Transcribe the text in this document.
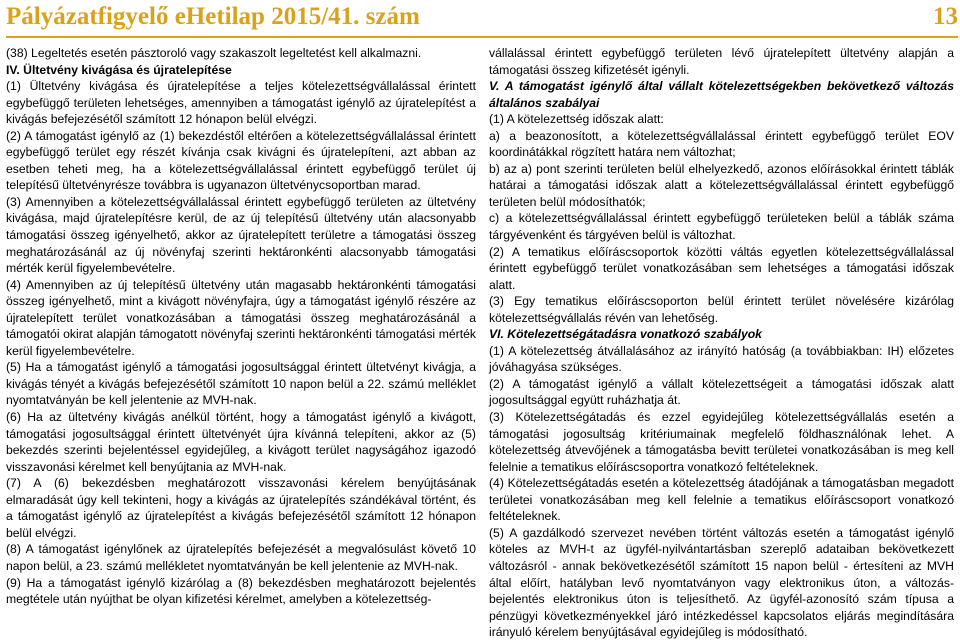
Pályázatfigyelő eHetilap 2015/41. szám	13

(38) Legeltetés esetén pásztoroló vagy szakaszolt legeltetést kell alkalmazni.

IV. Ültetvény kivágása és újratelepítése

(1) Ültetvény kivágása és újratelepítése a teljes kötelezettségvállalással érintett egybefüggő területen lehetséges, amennyiben a támogatást igénylő az újratelepítést a kivágás befejezésétől számított 12 hónapon belül elvégzi.

(2) A támogatást igénylő az (1) bekezdéstől eltérően a kötelezettségvállalással érintett egybefüggő terület egy részét kívánja csak kivágni és újratelepíteni, azt abban az esetben teheti meg, ha a kötelezettségvállalással érintett egybefüggő terület új telepítésű ültetvényrésze továbbra is ugyanazon ültetvénycsoportban marad.

(3) Amennyiben a kötelezettségvállalással érintett egybefüggő területen az ültetvény kivágása, majd újratelepítésre kerül, de az új telepítésű ültetvény után alacsonyabb támogatási összeg igényelhető, akkor az újratelepített területre a támogatási összeg meghatározásánál az új növényfaj szerinti hektáronkénti alacsonyabb támogatási mérték kerül figyelembevételre.

(4) Amennyiben az új telepítésű ültetvény után magasabb hektáronkénti támogatási összeg igényelhető, mint a kivágott növényfajra, úgy a támogatást igénylő részére az újratelepített terület vonatkozásában a támogatási összeg meghatározásánál a támogatói okirat alapján támogatott növényfaj szerinti hektáronkénti támogatási mérték kerül figyelembevételre.

(5) Ha a támogatást igénylő a támogatási jogosultsággal érintett ültetvényt kivágja, a kivágás tényét a kivágás befejezésétől számított 10 napon belül a 22. számú melléklet nyomtatványán be kell jelentenie az MVH-nak.

(6) Ha az ültetvény kivágás anélkül történt, hogy a támogatást igénylő a kivágott, támogatási jogosultsággal érintett ültetvényét újra kívánná telepíteni, akkor az (5) bekezdés szerinti bejelentéssel egyidejűleg, a kivágott terület nagyságához igazodó visszavonási kérelmet kell benyújtania az MVH-nak.

(7) A (6) bekezdésben meghatározott visszavonási kérelem benyújtásának elmaradását úgy kell tekinteni, hogy a kivágás az újratelepítés szándékával történt, és a támogatást igénylő az újratelepítést a kivágás befejezésétől számított 12 hónapon belül elvégzi.

(8) A támogatást igénylőnek az újratelepítés befejezését a megvalósulást követő 10 napon belül, a 23. számú mellékletet nyomtatványán be kell jelentenie az MVH-nak.

(9) Ha a támogatást igénylő kizárólag a (8) bekezdésben meghatározott bejelentés megtétele után nyújthat be olyan kifizetési kérelmet, amelyben a kötelezettség-

vállalással érintett egybefüggő területen lévő újratelepített ültetvény alapján a támogatási összeg kifizetését igényli.

V. A támogatást igénylő által vállalt kötelezettségekben bekövetkező változás általános szabályai

(1) A kötelezettség időszak alatt:

a) a beazonosított, a kötelezettségvállalással érintett egybefüggő terület EOV koordinátákkal rögzített határa nem változhat;

b) az a) pont szerinti területen belül elhelyezkedő, azonos előírásokkal érintett táblák határai a támogatási időszak alatt a kötelezettségvállalással érintett egybefüggő területen belül módosíthatók;

c) a kötelezettségvállalással érintett egybefüggő területeken belül a táblák száma tárgyévenként és tárgyéven belül is változhat.

(2) A tematikus előíráscsoportok közötti váltás egyetlen kötelezettségvállalással érintett egybefüggő terület vonatkozásában sem lehetséges a támogatási időszak alatt.

(3) Egy tematikus előíráscsoporton belül érintett terület növelésére kizárólag kötelezettségvállalás révén van lehetőség.

VI. Kötelezettségátadásra vonatkozó szabályok

(1) A kötelezettség átvállalásához az irányító hatóság (a továbbiakban: IH) előzetes jóváhagyása szükséges.

(2) A támogatást igénylő a vállalt kötelezettségeit a támogatási időszak alatt jogosultsággal együtt ruházhatja át.

(3) Kötelezettségátadás és ezzel egyidejűleg kötelezettségvállalás esetén a támogatási jogosultság kritériumainak megfelelő földhasználónak lehet. A kötelezettség átvevőjének a támogatásba bevitt területei vonatkozásában is meg kell felelnie a tematikus előíráscsoportra vonatkozó feltételeknek.

(4) Kötelezettségátadás esetén a kötelezettség átadójának a támogatásban megadott területei vonatkozásában meg kell felelnie a tematikus előíráscsoport vonatkozó feltételeknek.

(5) A gazdálkodó szervezet nevében történt változás esetén a támogatást igénylő köteles az MVH-t az ügyfél-nyilvántartásban szereplő adataiban bekövetkezett változásról - annak bekövetkezésétől számított 15 napon belül - értesíteni az MVH által előírt, hatályban levő nyomtatványon vagy elektronikus úton, a változás-bejelentés elektronikus úton is teljesíthető. Az ügyfél-azonosító szám típusa a pénzügyi következményekkel járó intézkedéssel kapcsolatos eljárás megindítására irányuló kérelem benyújtásával egyidejűleg is módosítható.
